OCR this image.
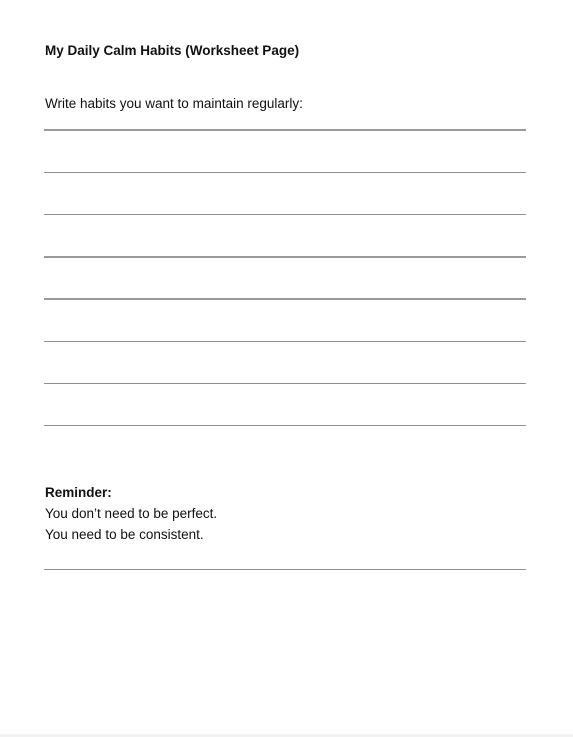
My Daily Calm Habits (Worksheet Page)
Write habits you want to maintain regularly:
Reminder:
You don’t need to be perfect.
You need to be consistent.
